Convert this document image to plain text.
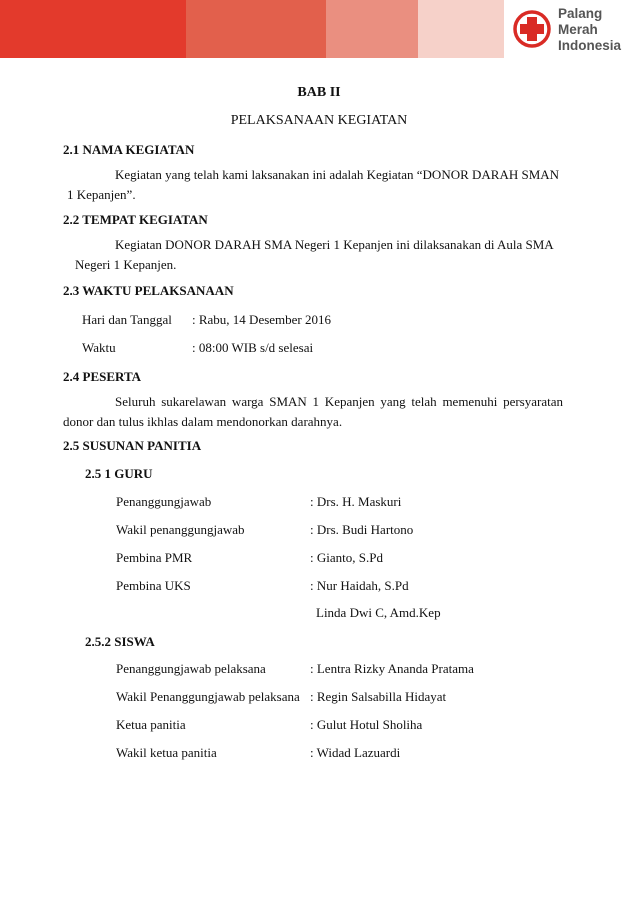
Palang
Merah
Indonesia
BAB II
PELAKSANAAN KEGIATAN
2.1 NAMA KEGIATAN
Kegiatan yang telah kami laksanakan ini adalah Kegiatan “DONOR DARAH SMAN
1 Kepanjen”.
2.2 TEMPAT KEGIATAN
Kegiatan DONOR DARAH SMA Negeri 1 Kepanjen ini dilaksanakan di Aula SMA
Negeri 1 Kepanjen.
2.3 WAKTU PELAKSANAAN
Hari dan Tanggal : Rabu, 14 Desember 2016
Waktu	: 08:00 WIB s/d selesai
2.4 PESERTA
Seluruh sukarelawan warga SMAN 1 Kepanjen yang telah memenuhi persyaratan
donor dan tulus ikhlas dalam mendonorkan darahnya.
2.5 SUSUNAN PANITIA
2.5 1 GURU
Penanggungjawab	: Drs. H. Maskuri
Wakil penanggungjawab	: Drs. Budi Hartono
Pembina PMR	: Gianto, S.Pd
Pembina UKS	: Nur Haidah, S.Pd
Linda Dwi C, Amd.Kep
2.5.2 SISWA
Penanggungjawab pelaksana	: Lentra Rizky Ananda Pratama
Wakil Penanggungjawab pelaksana : Regin Salsabilla Hidayat
Ketua panitia	: Gulut Hotul Sholiha
Wakil ketua panitia	: Widad Lazuardi
